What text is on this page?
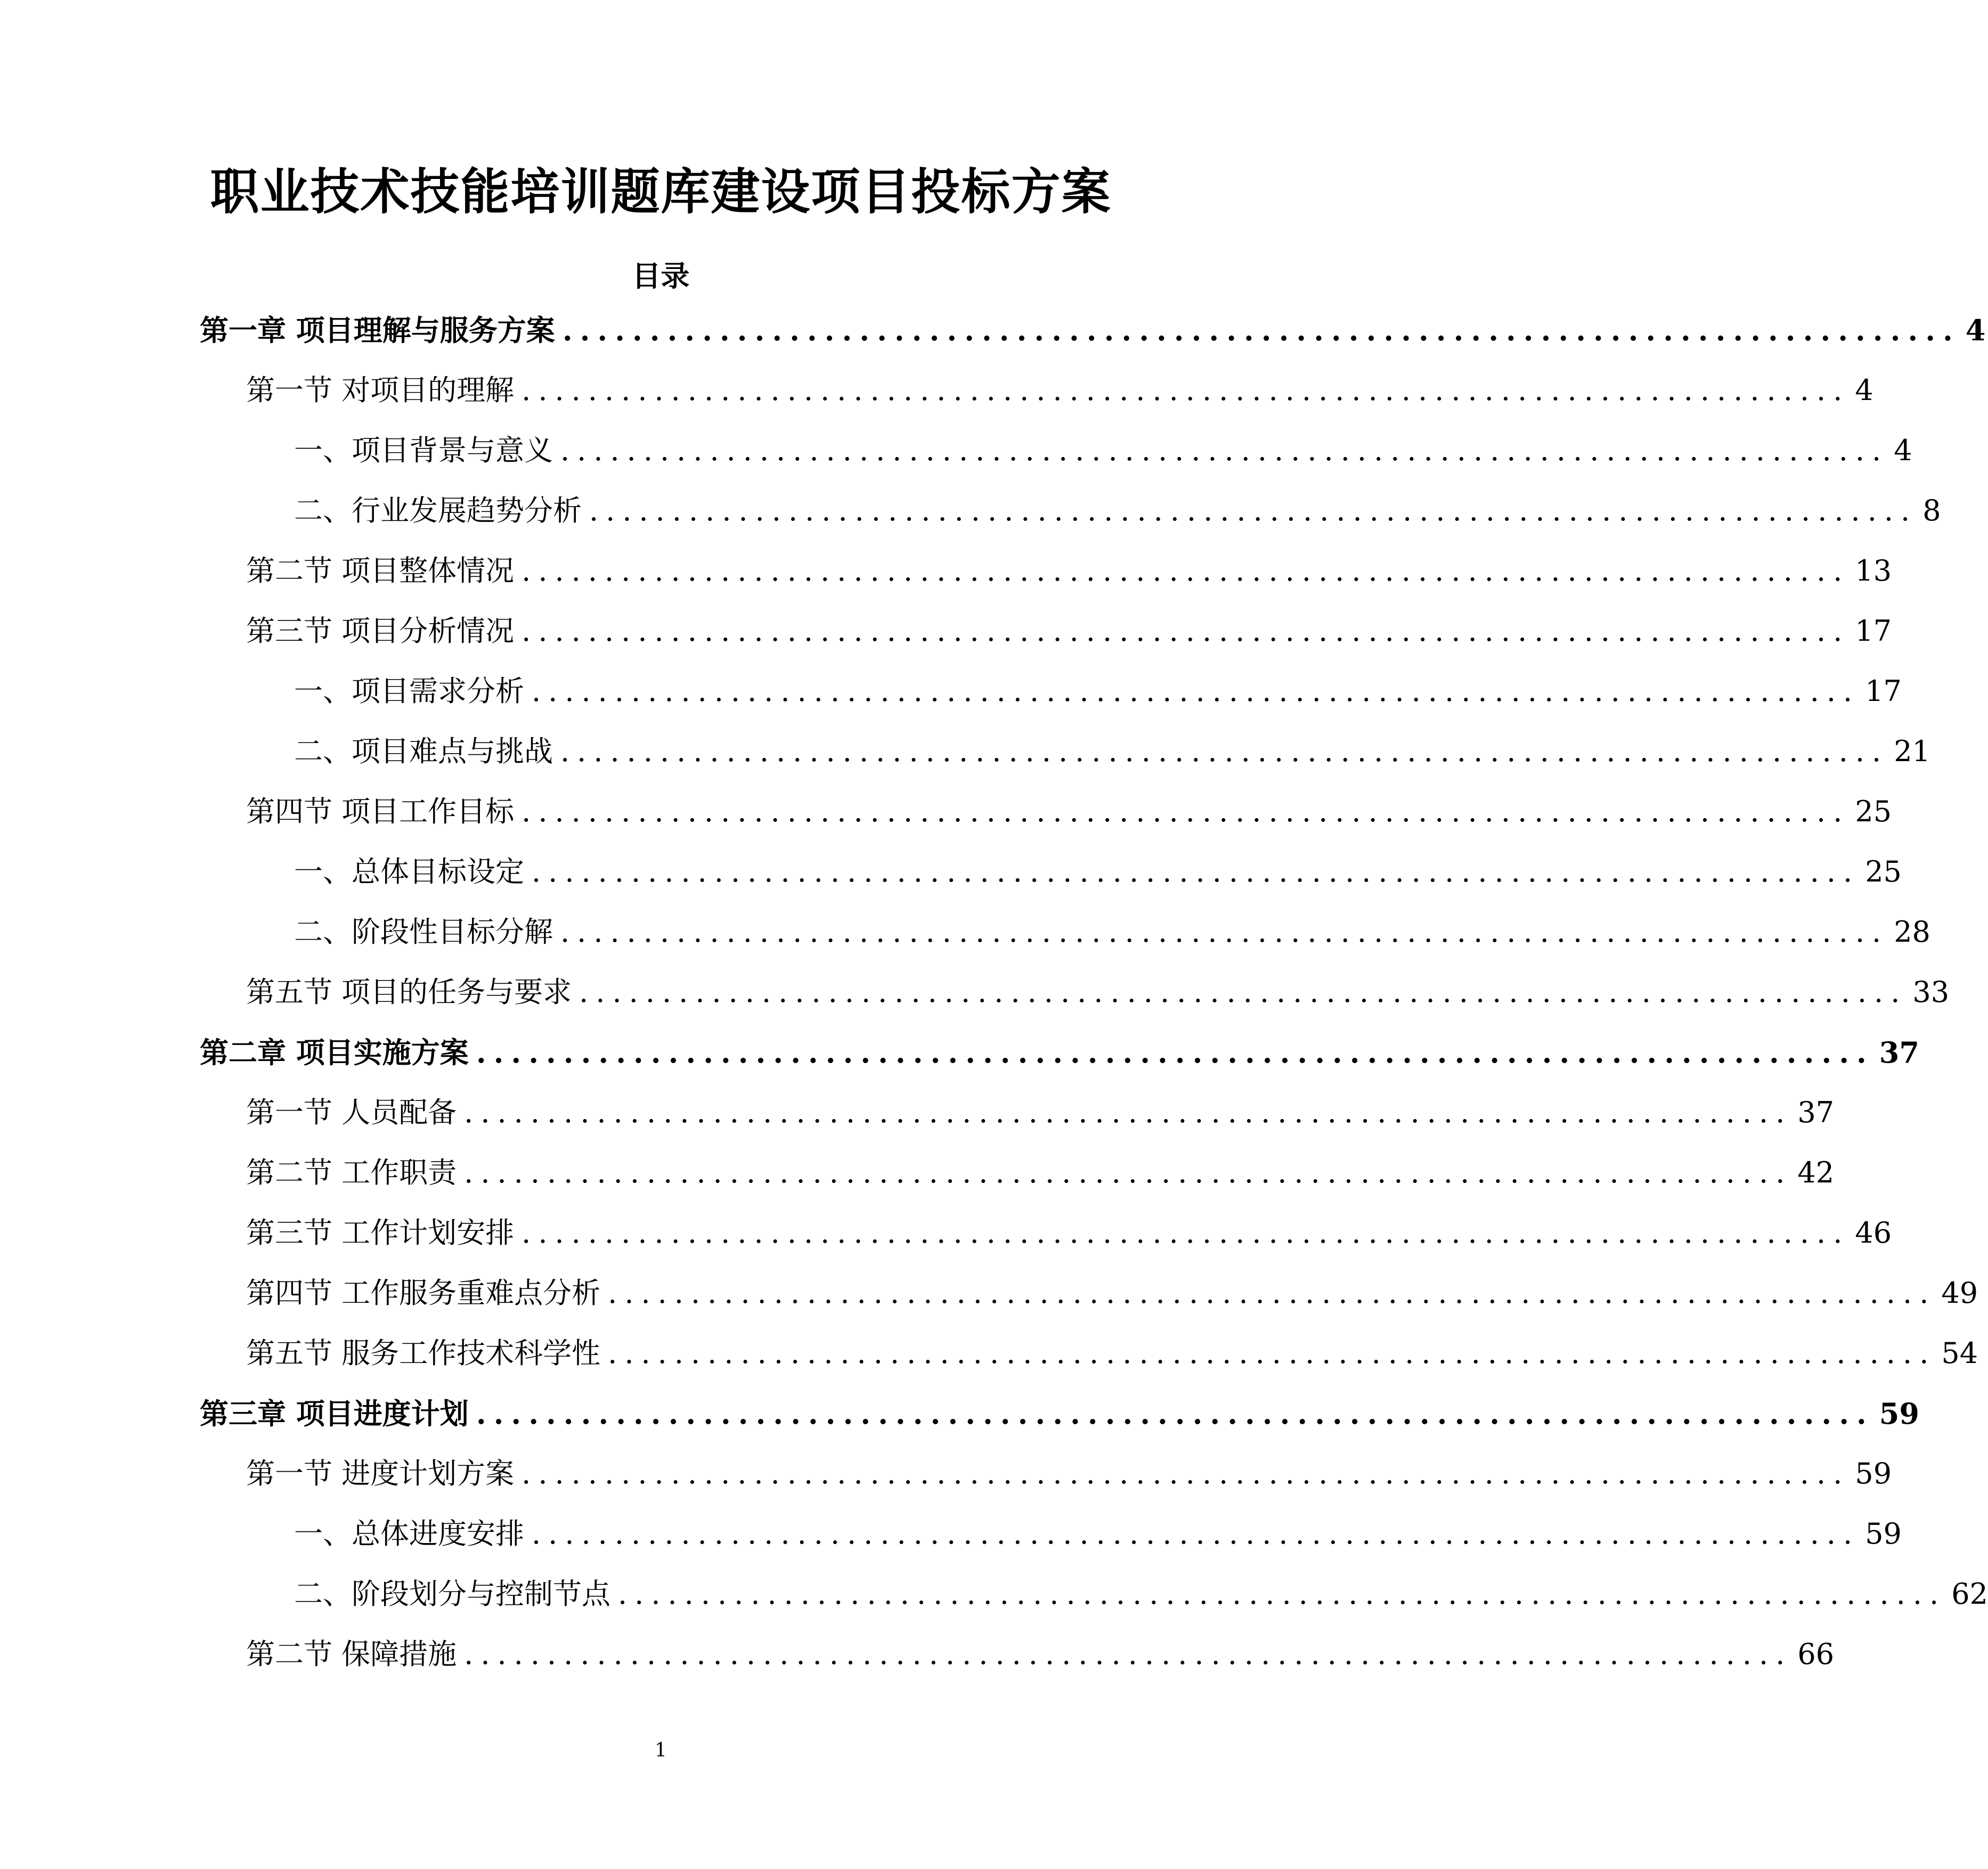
职业技术技能培训题库建设项目投标方案
目录
第一章 项目理解与服务方案 ................................................................................ 4
第一节 对项目的理解 ................................................................................ 4
一、项目背景与意义 ................................................................................ 4
二、行业发展趋势分析 ................................................................................ 8
第二节 项目整体情况 ................................................................................ 13
第三节 项目分析情况 ................................................................................ 17
一、项目需求分析 ................................................................................ 17
二、项目难点与挑战 ................................................................................ 21
第四节 项目工作目标 ................................................................................ 25
一、总体目标设定 ................................................................................ 25
二、阶段性目标分解 ................................................................................ 28
第五节 项目的任务与要求 ................................................................................ 33
第二章 项目实施方案 ................................................................................ 37
第一节 人员配备 ................................................................................ 37
第二节 工作职责 ................................................................................ 42
第三节 工作计划安排 ................................................................................ 46
第四节 工作服务重难点分析 ................................................................................ 49
第五节 服务工作技术科学性 ................................................................................ 54
第三章 项目进度计划 ................................................................................ 59
第一节 进度计划方案 ................................................................................ 59
一、总体进度安排 ................................................................................ 59
二、阶段划分与控制节点 ................................................................................ 62
第二节 保障措施 ................................................................................ 66
1
